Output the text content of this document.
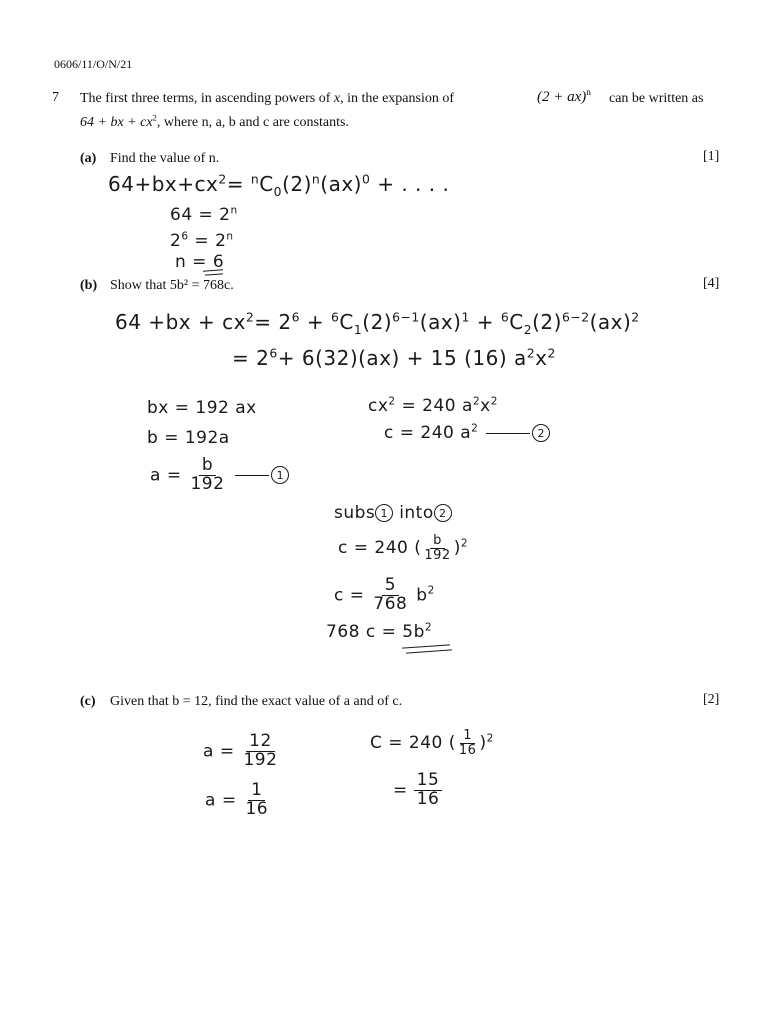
0606/11/O/N/21
7 The first three terms, in ascending powers of x, in the expansion of	(2 + ax)$^n$ can be written as
64 + bx + $cx^2$, where n, a, b and c are constants.
(a) Find the value of n.	[1]
$64+bx+cx^2= ^nC_0(2)^n(ax)^0$ + . . . .
$64 = 2^n$
$2^6 = 2^n$
n = 6
(b) Show that 5b² = 768c.	[4]
$64 +bx + cx^2= 2^6 + ^6C_1(2)^{6-1}(ax)^1 + ^6C_2(2)^{6-2}(ax)^2$
= $2^6+ 6(32)(ax) + 15$ (16) $a^2x^2$
bx = 192 ax
b = 192a
$a = \frac{b}{192}$	1
$cx^2 = 240$ $a^2x^2$
c = 240 $a^2$	2
subs 1 into 2
c = 240 ( $\frac{b}{192} )^2$
$c = \frac{5}{768} b^2$
768 $c = 5b^2$
(c) Given that b = 12, find the exact value of a and of c.	[2]
$a = \frac{12}{192}$
$a = \frac{1}{16}$
C = 240 ( $\frac{1}{16} )^2$
= $\frac{15}{16}$
